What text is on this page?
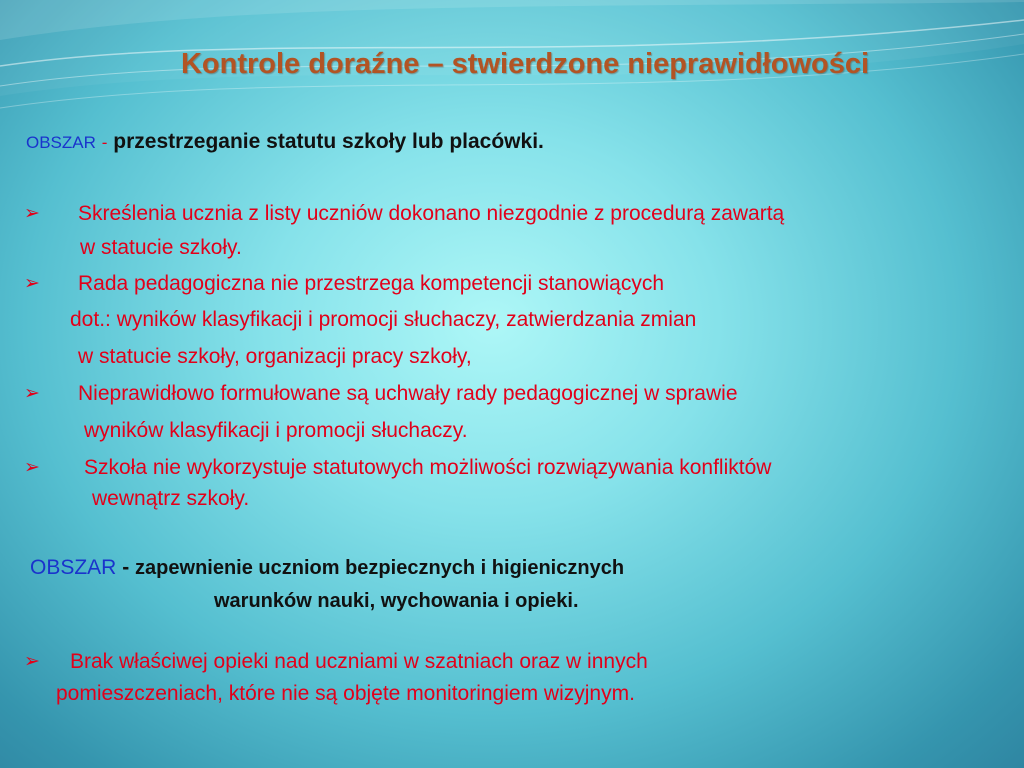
Kontrole doraźne – stwierdzone nieprawidłowości
OBSZAR - przestrzeganie statutu szkoły lub placówki.
➢ Skreślenia ucznia z listy uczniów dokonano niezgodnie z procedurą zawartą
w statucie szkoły.
➢ Rada pedagogiczna nie przestrzega kompetencji stanowiących
dot.: wyników klasyfikacji i promocji słuchaczy, zatwierdzania zmian
w statucie szkoły, organizacji pracy szkoły,
➢ Nieprawidłowo formułowane są uchwały rady pedagogicznej w sprawie
wyników klasyfikacji i promocji słuchaczy.
➢ Szkoła nie wykorzystuje statutowych możliwości rozwiązywania konfliktów
wewnątrz szkoły.
OBSZAR - zapewnienie uczniom bezpiecznych i higienicznych
warunków nauki, wychowania i opieki.
➢ Brak właściwej opieki nad uczniami w szatniach oraz w innych
pomieszczeniach, które nie są objęte monitoringiem wizyjnym.
